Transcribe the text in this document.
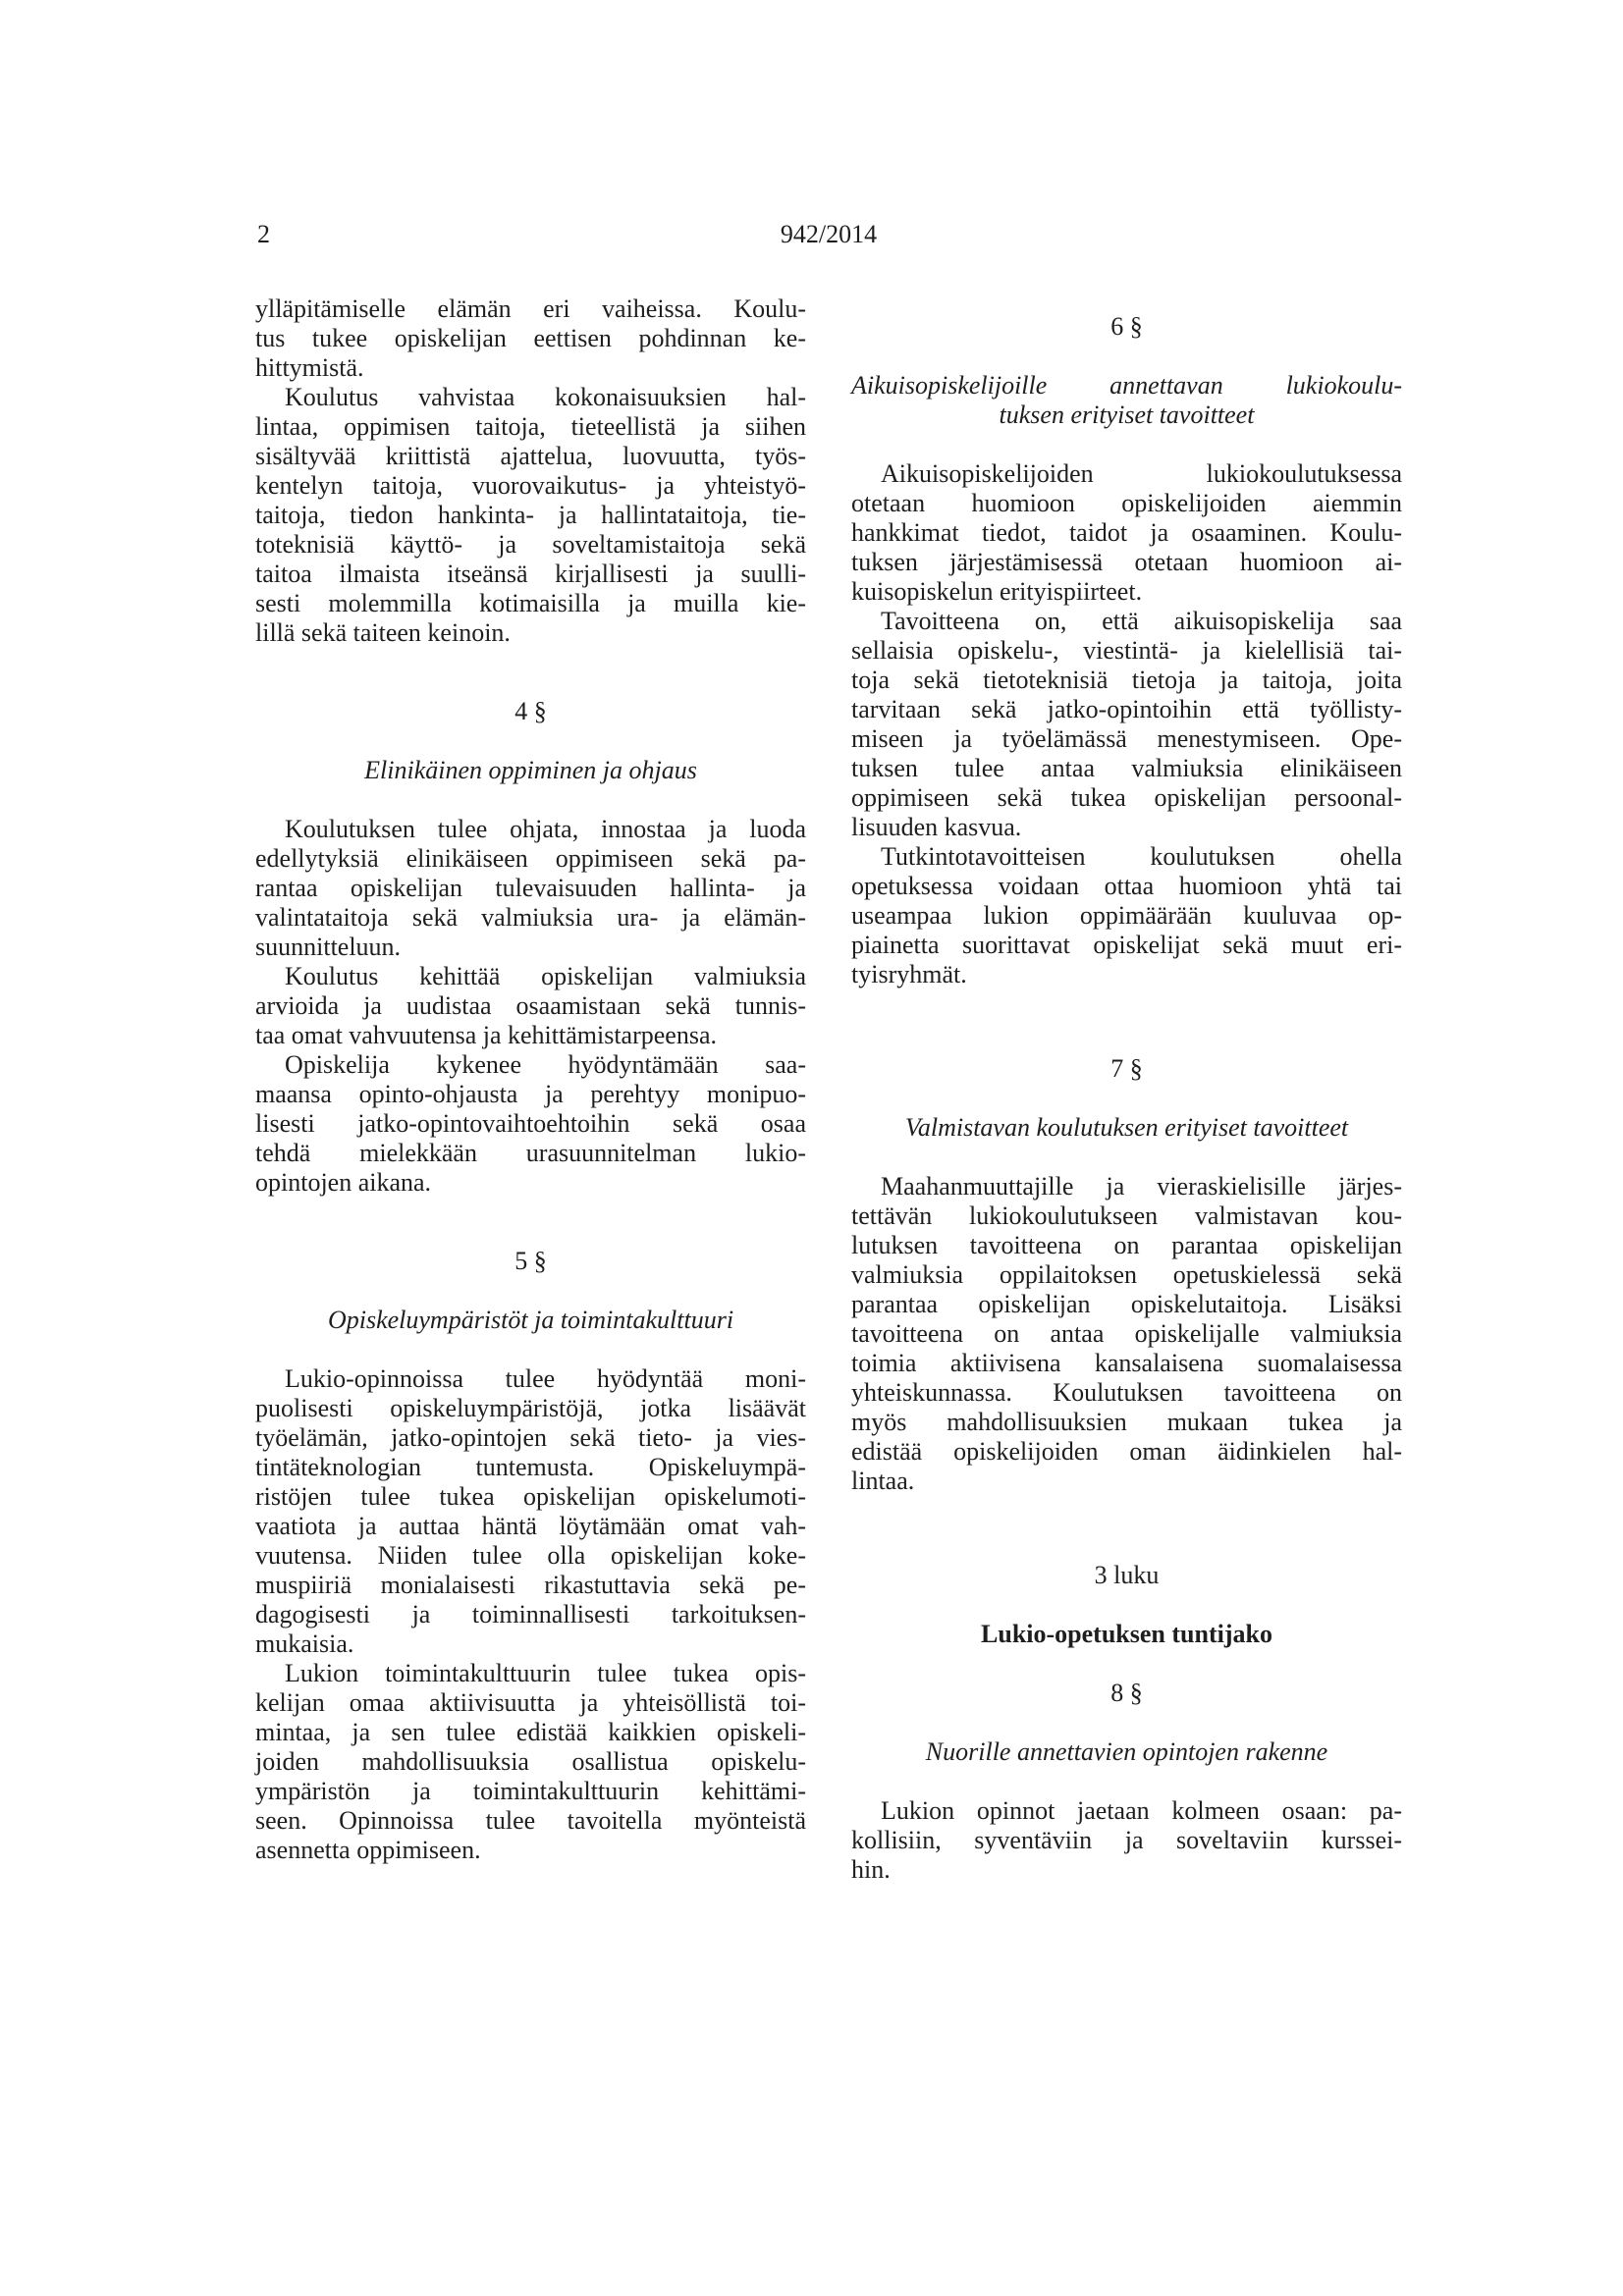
2	942/2014
ylläpitämiselle elämän eri vaiheissa. Koulu-
tus tukee opiskelijan eettisen pohdinnan ke-
hittymistä.
Koulutus vahvistaa kokonaisuuksien hal-
lintaa, oppimisen taitoja, tieteellistä ja siihen
sisältyvää kriittistä ajattelua, luovuutta, työs-
kentelyn taitoja, vuorovaikutus- ja yhteistyö-
taitoja, tiedon hankinta- ja hallintataitoja, tie-
toteknisiä käyttö- ja soveltamistaitoja sekä
taitoa ilmaista itseänsä kirjallisesti ja suulli-
sesti molemmilla kotimaisilla ja muilla kie-
lillä sekä taiteen keinoin.
4 §
Elinikäinen oppiminen ja ohjaus
Koulutuksen tulee ohjata, innostaa ja luoda
edellytyksiä elinikäiseen oppimiseen sekä pa-
rantaa opiskelijan tulevaisuuden hallinta- ja
valintataitoja sekä valmiuksia ura- ja elämän-
suunnitteluun.
Koulutus kehittää opiskelijan valmiuksia
arvioida ja uudistaa osaamistaan sekä tunnis-
taa omat vahvuutensa ja kehittämistarpeensa.
Opiskelija kykenee hyödyntämään saa-
maansa opinto-ohjausta ja perehtyy monipuo-
lisesti jatko-opintovaihtoehtoihin sekä osaa
tehdä mielekkään urasuunnitelman lukio-
opintojen aikana.
5 §
Opiskeluympäristöt ja toimintakulttuuri
Lukio-opinnoissa tulee hyödyntää moni-
puolisesti opiskeluympäristöjä, jotka lisäävät
työelämän, jatko-opintojen sekä tieto- ja vies-
tintäteknologian tuntemusta. Opiskeluympä-
ristöjen tulee tukea opiskelijan opiskelumoti-
vaatiota ja auttaa häntä löytämään omat vah-
vuutensa. Niiden tulee olla opiskelijan koke-
muspiiriä monialaisesti rikastuttavia sekä pe-
dagogisesti ja toiminnallisesti tarkoituksen-
mukaisia.
Lukion toimintakulttuurin tulee tukea opis-
kelijan omaa aktiivisuutta ja yhteisöllistä toi-
mintaa, ja sen tulee edistää kaikkien opiskeli-
joiden mahdollisuuksia osallistua opiskelu-
ympäristön ja toimintakulttuurin kehittämi-
seen. Opinnoissa tulee tavoitella myönteistä
asennetta oppimiseen.
6 §
Aikuisopiskelijoille annettavan lukiokoulu-
tuksen erityiset tavoitteet
Aikuisopiskelijoiden lukiokoulutuksessa
otetaan huomioon opiskelijoiden aiemmin
hankkimat tiedot, taidot ja osaaminen. Koulu-
tuksen järjestämisessä otetaan huomioon ai-
kuisopiskelun erityispiirteet.
Tavoitteena on, että aikuisopiskelija saa
sellaisia opiskelu-, viestintä- ja kielellisiä tai-
toja sekä tietoteknisiä tietoja ja taitoja, joita
tarvitaan sekä jatko-opintoihin että työllisty-
miseen ja työelämässä menestymiseen. Ope-
tuksen tulee antaa valmiuksia elinikäiseen
oppimiseen sekä tukea opiskelijan persoonal-
lisuuden kasvua.
Tutkintotavoitteisen koulutuksen ohella
opetuksessa voidaan ottaa huomioon yhtä tai
useampaa lukion oppimäärään kuuluvaa op-
piainetta suorittavat opiskelijat sekä muut eri-
tyisryhmät.
7 §
Valmistavan koulutuksen erityiset tavoitteet
Maahanmuuttajille ja vieraskielisille järjes-
tettävän lukiokoulutukseen valmistavan kou-
lutuksen tavoitteena on parantaa opiskelijan
valmiuksia oppilaitoksen opetuskielessä sekä
parantaa opiskelijan opiskelutaitoja. Lisäksi
tavoitteena on antaa opiskelijalle valmiuksia
toimia aktiivisena kansalaisena suomalaisessa
yhteiskunnassa. Koulutuksen tavoitteena on
myös mahdollisuuksien mukaan tukea ja
edistää opiskelijoiden oman äidinkielen hal-
lintaa.
3 luku
Lukio-opetuksen tuntijako
8 §
Nuorille annettavien opintojen rakenne
Lukion opinnot jaetaan kolmeen osaan: pa-
kollisiin, syventäviin ja soveltaviin kurssei-
hin.
